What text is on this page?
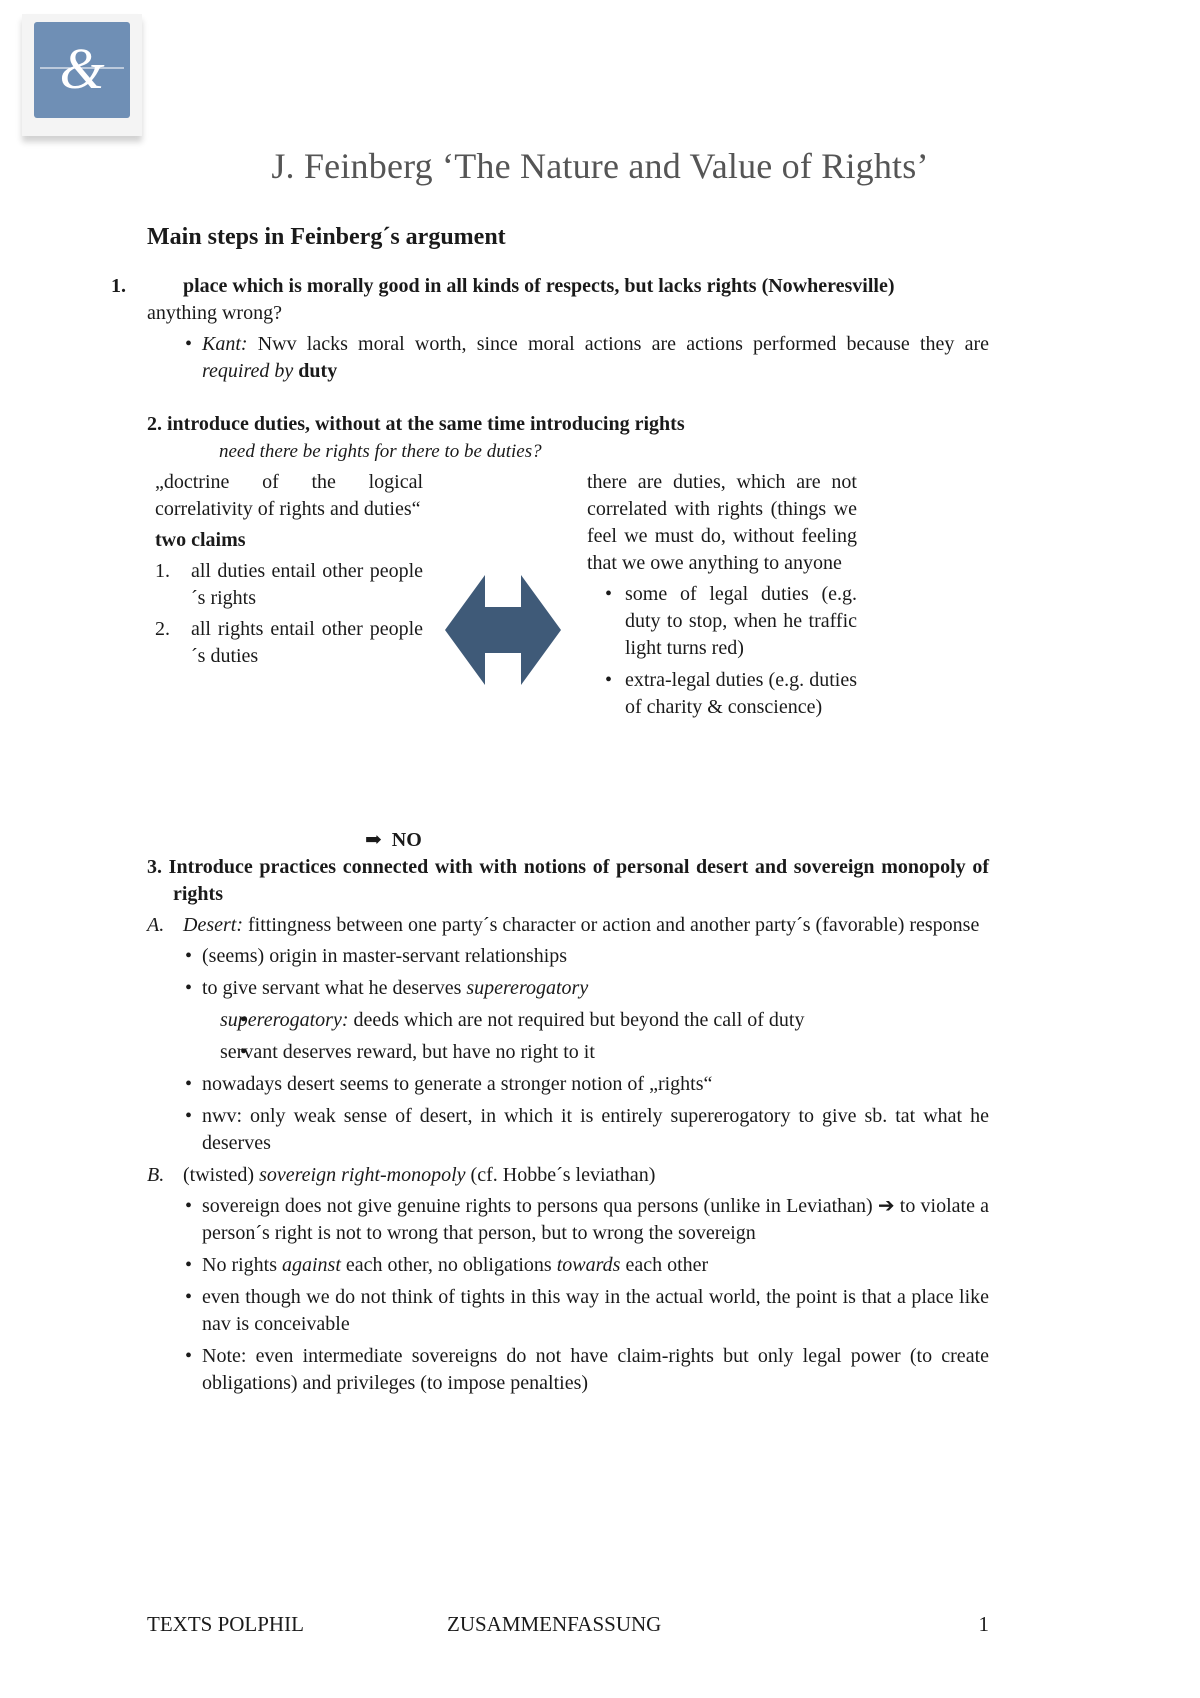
&
J. Feinberg ‘The Nature and Value of Rights’
Main steps in Feinberg´s argument

1.	place which is morally good in all kinds of respects, but lacks rights (Nowheresville)

anything wrong?

• Kant: Nwv lacks moral worth, since moral actions are actions performed because they are required by duty

2. introduce duties, without at the same time introducing rights

need there be rights for there to be duties?

„doctrine of the logical correlativity of rights and duties“

two claims

1. all duties entail other people´s rights
2. all rights entail other people´s duties

there are duties, which are not correlated with rights (things we feel we must do, without feeling that we owe anything to anyone

• some of legal duties (e.g. duty to stop, when he traffic light turns red)
• extra-legal duties (e.g. duties of charity & conscience)

➡ NO

3. Introduce practices connected with with notions of personal desert and sovereign monopoly of rights

A. Desert: fittingness between one party´s character or action and another party´s (favorable) response
• (seems) origin in master-servant relationships
• to give servant what he deserves supererogatory
• supererogatory: deeds which are not required but beyond the call of duty
• servant deserves reward, but have no right to it
• nowadays desert seems to generate a stronger notion of „rights“
• nwv: only weak sense of desert, in which it is entirely supererogatory to give sb. tat what he deserves
B. (twisted) sovereign right-monopoly (cf. Hobbe´s leviathan)
• sovereign does not give genuine rights to persons qua persons (unlike in Leviathan) ➔ to violate a person´s right is not to wrong that person, but to wrong the sovereign
• No rights against each other, no obligations towards each other
• even though we do not think of tights in this way in the actual world, the point is that a place like nav is conceivable
• Note: even intermediate sovereigns do not have claim-rights but only legal power (to create obligations) and privileges (to impose penalties)
TEXTS POLPHIL	ZUSAMMENFASSUNG	1
